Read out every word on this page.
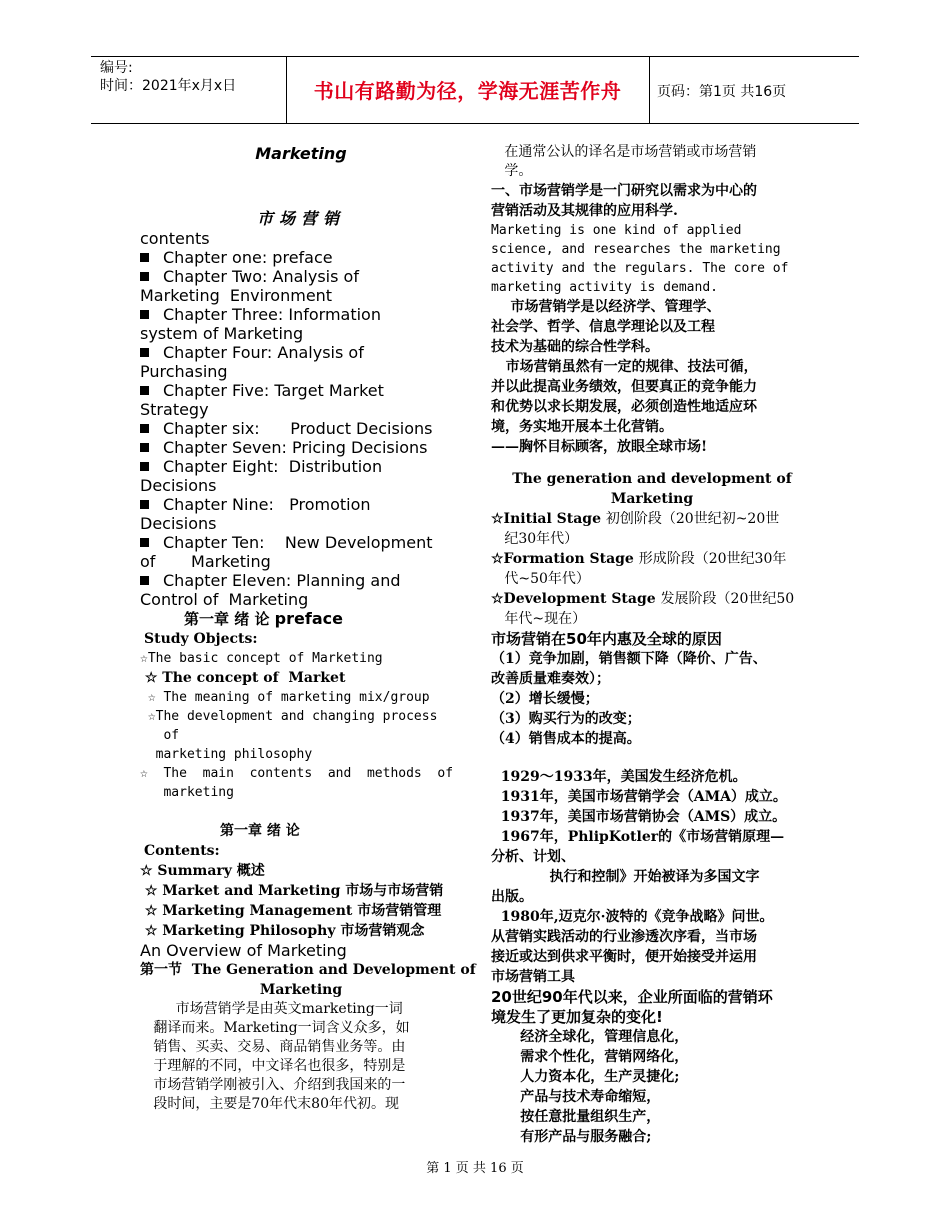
编号:
时间：2021年x月x日	书山有路勤为径，学海无涯苦作舟	页码：第1页 共16页
Marketing
市场营销
contents
Chapter one: preface
Chapter Two: Analysis of
Marketing  Environment
Chapter Three: Information
system of Marketing
Chapter Four: Analysis of
Purchasing
Chapter Five: Target Market
Strategy
Chapter six:      Product Decisions
Chapter Seven: Pricing Decisions
Chapter Eight:  Distribution
Decisions
Chapter Nine:   Promotion
Decisions
Chapter Ten:    New Development
of       Marketing
Chapter Eleven: Planning and
Control of  Marketing
第一章 绪 论 preface
Study Objects:
☆The basic concept of Marketing
☆ The concept of  Market
☆ The meaning of marketing mix/group
☆The development and changing process
of
marketing philosophy
☆  The  main  contents  and  methods  of
marketing
第一章 绪 论
Contents:
☆ Summary 概述
☆ Market and Marketing 市场与市场营销
☆ Marketing Management 市场营销管理
☆ Marketing Philosophy 市场营销观念
An Overview of Marketing
第一节  The Generation and Development of
Marketing
市场营销学是由英文marketing一词
翻译而来。Marketing一词含义众多，如
销售、买卖、交易、商品销售业务等。由
于理解的不同，中文译名也很多，特别是
市场营销学刚被引入、介绍到我国来的一
段时间，主要是70年代末80年代初。现
在通常公认的译名是市场营销或市场营销
学。
一、市场营销学是一门研究以需求为中心的
营销活动及其规律的应用科学.
Marketing is one kind of applied
science, and researches the marketing
activity and the regulars. The core of
marketing activity is demand.
市场营销学是以经济学、管理学、
社会学、哲学、信息学理论以及工程
技术为基础的综合性学科。
市场营销虽然有一定的规律、技法可循，
并以此提高业务绩效，但要真正的竞争能力
和优势以求长期发展，必须创造性地适应环
境，务实地开展本土化营销。
——胸怀目标顾客，放眼全球市场!
The generation and development of
Marketing
☆Initial Stage 初创阶段（20世纪初~20世
纪30年代）
☆Formation Stage 形成阶段（20世纪30年
代~50年代）
☆Development Stage 发展阶段（20世纪50
年代~现在）
市场营销在50年内惠及全球的原因
（1）竞争加剧，销售额下降（降价、广告、
改善质量难奏效）；
（2）增长缓慢；
（3）购买行为的改变；
（4）销售成本的提高。
1929～1933年，美国发生经济危机。
1931年，美国市场营销学会（AMA）成立。
1937年，美国市场营销协会（AMS）成立。
1967年，PhlipKotler的《市场营销原理—
分析、计划、
执行和控制》开始被译为多国文字
出版。
1980年,迈克尔·波特的《竞争战略》问世。
从营销实践活动的行业渗透次序看，当市场
接近或达到供求平衡时，便开始接受并运用
市场营销工具
20世纪90年代以来，企业所面临的营销环
境发生了更加复杂的变化!
经济全球化，管理信息化，
需求个性化，营销网络化，
人力资本化，生产灵捷化;
产品与技术寿命缩短，
按任意批量组织生产，
有形产品与服务融合;
第 1 页 共 16 页
